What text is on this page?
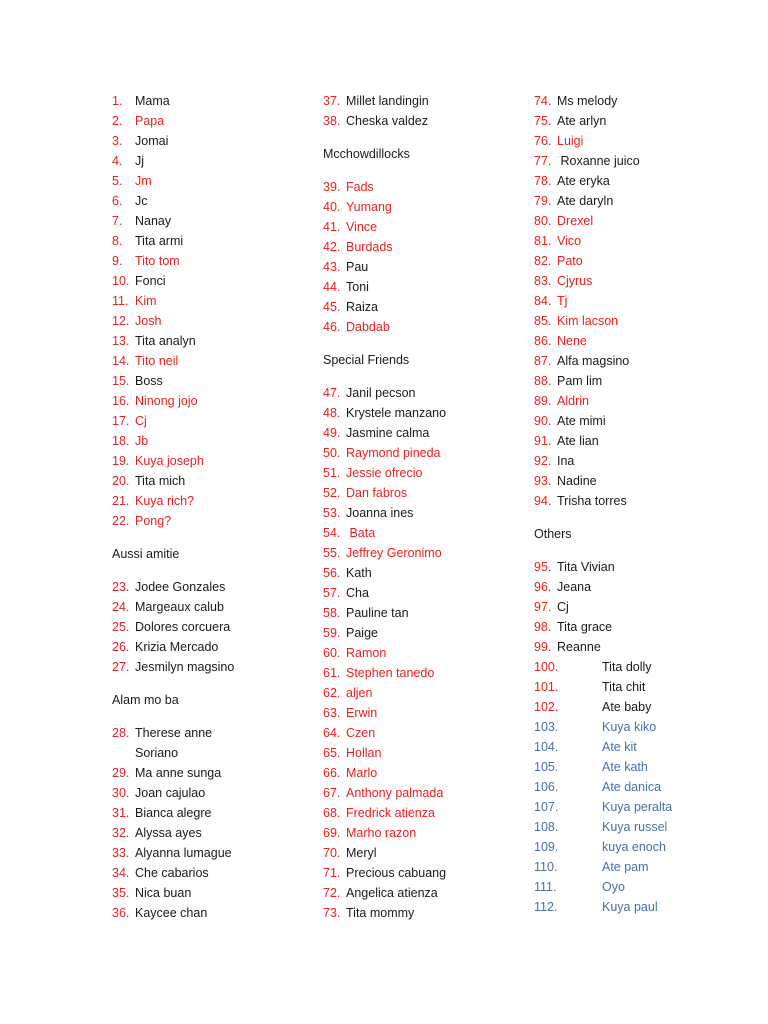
1.	Mama
2.	Papa
3.	Jomai
4.	Jj
5.	Jm
6.	Jc
7.	Nanay
8.	Tita armi
9.	Tito tom
10. Fonci
11. Kim
12. Josh
13. Tita analyn
14. Tito neil
15. Boss
16. Ninong jojo
17. Cj
18. Jb
19. Kuya joseph
20. Tita mich
21. Kuya rich?
22. Pong?
Aussi amitie
23. Jodee Gonzales
24. Margeaux calub
25. Dolores corcuera
26. Krizia Mercado
27. Jesmilyn magsino
Alam mo ba
28. Therese anne
Soriano
29. Ma anne sunga
30. Joan cajulao
31. Bianca alegre
32. Alyssa ayes
33. Alyanna lumague
34. Che cabarios
35. Nica buan
36. Kaycee chan
37. Millet landingin
38. Cheska valdez
Mcchowdillocks
39. Fads
40. Yumang
41. Vince
42. Burdads
43. Pau
44. Toni
45. Raiza
46. Dabdab
Special Friends
47. Janil pecson
48. Krystele manzano
49. Jasmine calma
50. Raymond pineda
51. Jessie ofrecio
52. Dan fabros
53. Joanna ines
54. Bata
55. Jeffrey Geronimo
56. Kath
57. Cha
58. Pauline tan
59. Paige
60. Ramon
61. Stephen tanedo
62. aljen
63. Erwin
64. Czen
65. Hollan
66. Marlo
67. Anthony palmada
68. Fredrick atienza
69. Marho razon
70. Meryl
71. Precious cabuang
72. Angelica atienza
73. Tita mommy
74. Ms melody
75. Ate arlyn
76. Luigi
77. Roxanne juico
78. Ate eryka
79. Ate daryln
80. Drexel
81. Vico
82. Pato
83. Cjyrus
84. Tj
85. Kim lacson
86. Nene
87. Alfa magsino
88. Pam lim
89. Aldrin
90. Ate mimi
91. Ate lian
92. Ina
93. Nadine
94. Trisha torres
Others
95. Tita Vivian
96. Jeana
97. Cj
98. Tita grace
99. Reanne
100.	Tita dolly
101.	Tita chit
102.	Ate baby
103.	Kuya kiko
104.	Ate kit
105.	Ate kath
106.	Ate danica
107.	Kuya peralta
108.	Kuya russel
109.	kuya enoch
110.	Ate pam
111.	Oyo
112.	Kuya paul
